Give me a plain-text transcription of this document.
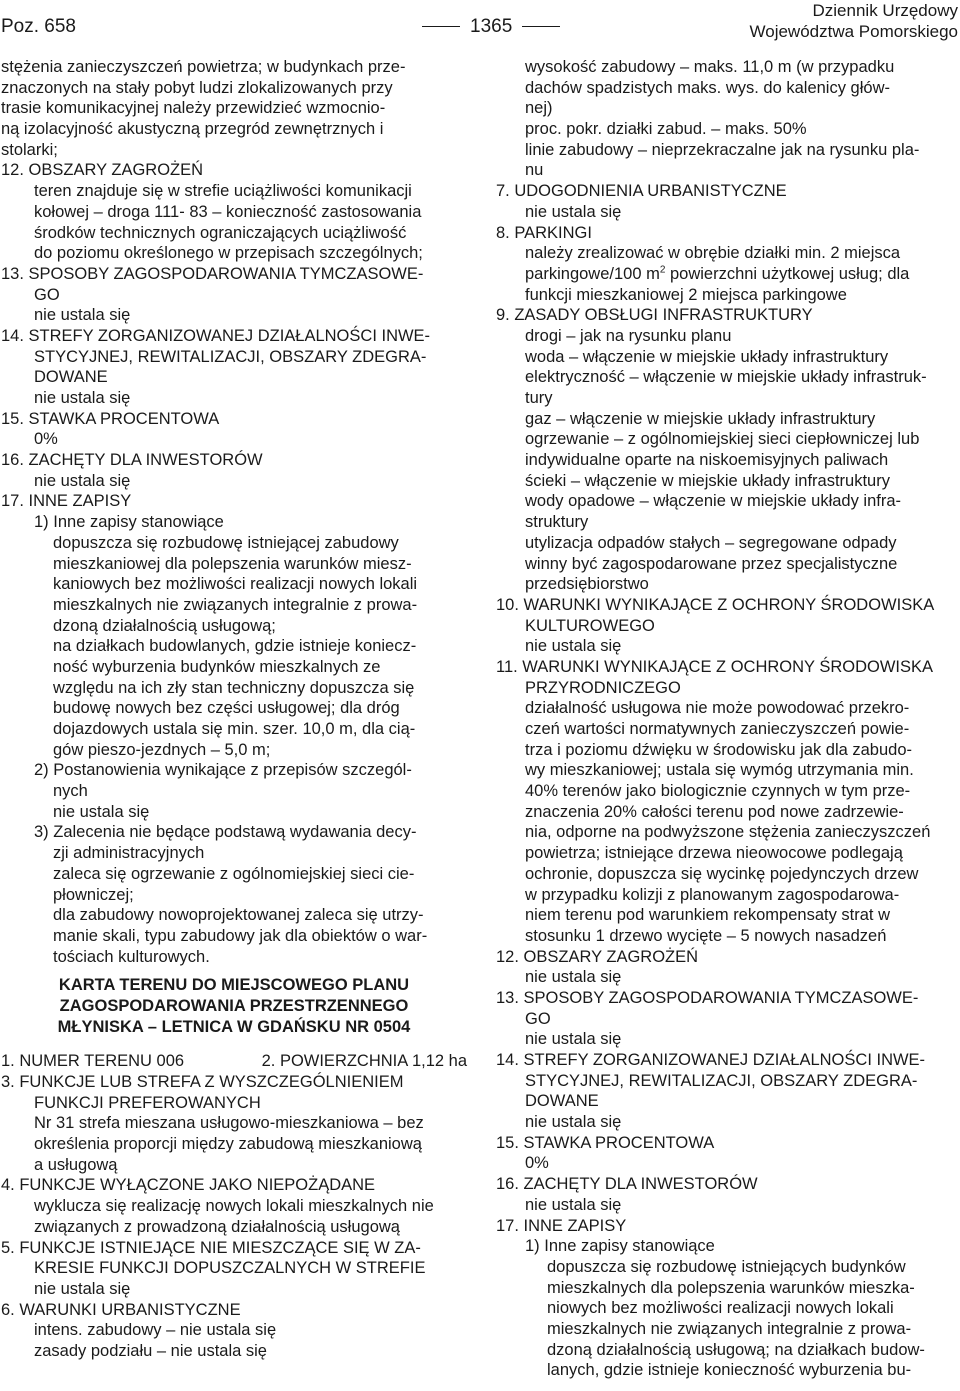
Poz. 658	1365
Dziennik Urzędowy
Województwa Pomorskiego
stężenia zanieczyszczeń powietrza; w budynkach prze-
znaczonych na stały pobyt ludzi zlokalizowanych przy
trasie komunikacyjnej należy przewidzieć wzmocnio-
ną izolacyjność akustyczną przegród zewnętrznych i
stolarki;
12. OBSZARY ZAGROŻEŃ
teren znajduje się w strefie uciążliwości komunikacji
kołowej – droga 111- 83 – konieczność zastosowania
środków technicznych ograniczających uciążliwość
do poziomu określonego w przepisach szczególnych;
13. SPOSOBY ZAGOSPODAROWANIA TYMCZASOWE-
GO
nie ustala się
14. STREFY ZORGANIZOWANEJ DZIAŁALNOŚCI INWE-
STYCYJNEJ, REWITALIZACJI, OBSZARY ZDEGRA-
DOWANE
nie ustala się
15. STAWKA PROCENTOWA
0%
16. ZACHĘTY DLA INWESTORÓW
nie ustala się
17. INNE ZAPISY
1) Inne zapisy stanowiące
dopuszcza się rozbudowę istniejącej zabudowy
mieszkaniowej dla polepszenia warunków miesz-
kaniowych bez możliwości realizacji nowych lokali
mieszkalnych nie związanych integralnie z prowa-
dzoną działalnością usługową;
na działkach budowlanych, gdzie istnieje koniecz-
ność wyburzenia budynków mieszkalnych ze
względu na ich zły stan techniczny dopuszcza się
budowę nowych bez części usługowej; dla dróg
dojazdowych ustala się min. szer. 10,0 m, dla cią-
gów pieszo-jezdnych – 5,0 m;
2) Postanowienia wynikające z przepisów szczegól-
nych
nie ustala się
3) Zalecenia nie będące podstawą wydawania decy-
zji administracyjnych
zaleca się ogrzewanie z ogólnomiejskiej sieci cie-
płowniczej;
dla zabudowy nowoprojektowanej zaleca się utrzy-
manie skali, typu zabudowy jak dla obiektów o war-
tościach kulturowych.
KARTA TERENU DO MIEJSCOWEGO PLANU
ZAGOSPODAROWANIA PRZESTRZENNEGO
MŁYNISKA – LETNICA W GDAŃSKU NR 0504
1. NUMER TERENU 006	2. POWIERZCHNIA 1,12 ha
3. FUNKCJE LUB STREFA Z WYSZCZEGÓLNIENIEM
FUNKCJI PREFEROWANYCH
Nr 31 strefa mieszana usługowo-mieszkaniowa – bez
określenia proporcji między zabudową mieszkaniową
a usługową
4. FUNKCJE WYŁĄCZONE JAKO NIEPOŻĄDANE
wyklucza się realizację nowych lokali mieszkalnych nie
związanych z prowadzoną działalnością usługową
5. FUNKCJE ISTNIEJĄCE NIE MIESZCZĄCE SIĘ W ZA-
KRESIE FUNKCJI DOPUSZCZALNYCH W STREFIE
nie ustala się
6. WARUNKI URBANISTYCZNE
intens. zabudowy – nie ustala się
zasady podziału – nie ustala się
wysokość zabudowy – maks. 11,0 m (w przypadku
dachów spadzistych maks. wys. do kalenicy głów-
nej)
proc. pokr. działki zabud. – maks. 50%
linie zabudowy – nieprzekraczalne jak na rysunku pla-
nu
7. UDOGODNIENIA URBANISTYCZNE
nie ustala się
8. PARKINGI
należy zrealizować w obrębie działki min. 2 miejsca
parkingowe/100 $m^2$ powierzchni użytkowej usług; dla
funkcji mieszkaniowej 2 miejsca parkingowe
9. ZASADY OBSŁUGI INFRASTRUKTURY
drogi – jak na rysunku planu
woda – włączenie w miejskie układy infrastruktury
elektryczność – włączenie w miejskie układy infrastruk-
tury
gaz – włączenie w miejskie układy infrastruktury
ogrzewanie – z ogólnomiejskiej sieci ciepłowniczej lub
indywidualne oparte na niskoemisyjnych paliwach
ścieki – włączenie w miejskie układy infrastruktury
wody opadowe – włączenie w miejskie układy infra-
struktury
utylizacja odpadów stałych – segregowane odpady
winny być zagospodarowane przez specjalistyczne
przedsiębiorstwo
10. WARUNKI WYNIKAJĄCE Z OCHRONY ŚRODOWISKA
KULTUROWEGO
nie ustala się
11. WARUNKI WYNIKAJĄCE Z OCHRONY ŚRODOWISKA
PRZYRODNICZEGO
działalność usługowa nie może powodować przekro-
czeń wartości normatywnych zanieczyszczeń powie-
trza i poziomu dźwięku w środowisku jak dla zabudo-
wy mieszkaniowej; ustala się wymóg utrzymania min.
40% terenów jako biologicznie czynnych w tym prze-
znaczenia 20% całości terenu pod nowe zadrzewie-
nia, odporne na podwyższone stężenia zanieczyszczeń
powietrza; istniejące drzewa nieowocowe podlegają
ochronie, dopuszcza się wycinkę pojedynczych drzew
w przypadku kolizji z planowanym zagospodarowa-
niem terenu pod warunkiem rekompensaty strat w
stosunku 1 drzewo wycięte – 5 nowych nasadzeń
12. OBSZARY ZAGROŻEŃ
nie ustala się
13. SPOSOBY ZAGOSPODAROWANIA TYMCZASOWE-
GO
nie ustala się
14. STREFY ZORGANIZOWANEJ DZIAŁALNOŚCI INWE-
STYCYJNEJ, REWITALIZACJI, OBSZARY ZDEGRA-
DOWANE
nie ustala się
15. STAWKA PROCENTOWA
0%
16. ZACHĘTY DLA INWESTORÓW
nie ustala się
17. INNE ZAPISY
1) Inne zapisy stanowiące
dopuszcza się rozbudowę istniejących budynków
mieszkalnych dla polepszenia warunków mieszka-
niowych bez możliwości realizacji nowych lokali
mieszkalnych nie związanych integralnie z prowa-
dzoną działalnością usługową; na działkach budow-
lanych, gdzie istnieje konieczność wyburzenia bu-
